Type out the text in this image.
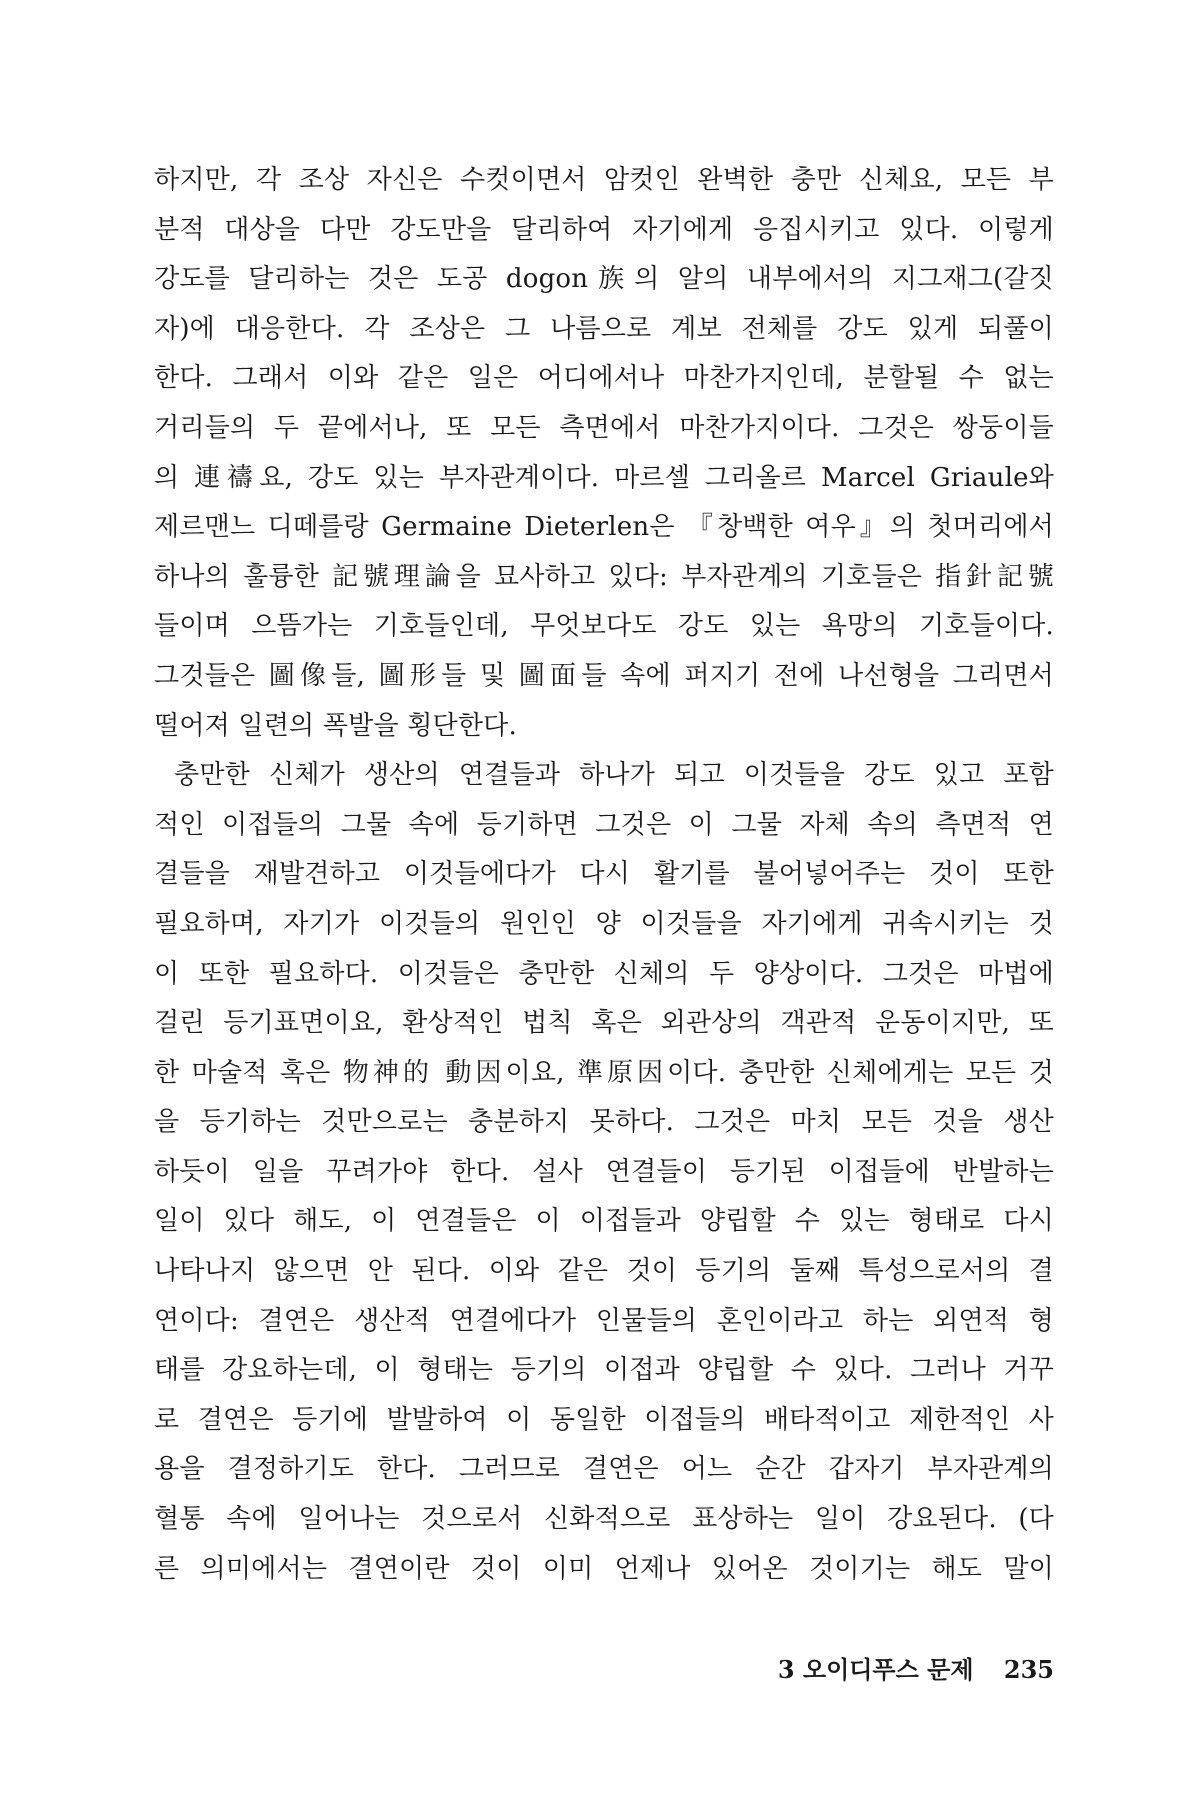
하지만, 각 조상 자신은 수컷이면서 암컷인 완벽한 충만 신체요, 모든 부
분적 대상을 다만 강도만을 달리하여 자기에게 응집시키고 있다. 이렇게
강도를 달리하는 것은 도공 dogon族의 알의 내부에서의 지그재그(갈짓
자)에 대응한다. 각 조상은 그 나름으로 계보 전체를 강도 있게 되풀이
한다. 그래서 이와 같은 일은 어디에서나 마찬가지인데, 분할될 수 없는
거리들의 두 끝에서나, 또 모든 측면에서 마찬가지이다. 그것은 쌍둥이들
의 連禱요, 강도 있는 부자관계이다. 마르셀 그리올르 Marcel Griaule와
제르맨느 디떼를랑 Germaine Dieterlen은 『창백한 여우』의 첫머리에서
하나의 훌륭한 記號理論을 묘사하고 있다: 부자관계의 기호들은 指針記號
들이며 으뜸가는 기호들인데, 무엇보다도 강도 있는 욕망의 기호들이다.
그것들은 圖像들, 圖形들 및 圖面들 속에 퍼지기 전에 나선형을 그리면서
떨어져 일련의 폭발을 횡단한다.
충만한 신체가 생산의 연결들과 하나가 되고 이것들을 강도 있고 포함
적인 이접들의 그물 속에 등기하면 그것은 이 그물 자체 속의 측면적 연
결들을 재발견하고 이것들에다가 다시 활기를 불어넣어주는 것이 또한
필요하며, 자기가 이것들의 원인인 양 이것들을 자기에게 귀속시키는 것
이 또한 필요하다. 이것들은 충만한 신체의 두 양상이다. 그것은 마법에
걸린 등기표면이요, 환상적인 법칙 혹은 외관상의 객관적 운동이지만, 또
한 마술적 혹은 物神的 動因이요, 準原因이다. 충만한 신체에게는 모든 것
을 등기하는 것만으로는 충분하지 못하다. 그것은 마치 모든 것을 생산
하듯이 일을 꾸려가야 한다. 설사 연결들이 등기된 이접들에 반발하는
일이 있다 해도, 이 연결들은 이 이접들과 양립할 수 있는 형태로 다시
나타나지 않으면 안 된다. 이와 같은 것이 등기의 둘째 특성으로서의 결
연이다: 결연은 생산적 연결에다가 인물들의 혼인이라고 하는 외연적 형
태를 강요하는데, 이 형태는 등기의 이접과 양립할 수 있다. 그러나 거꾸
로 결연은 등기에 발발하여 이 동일한 이접들의 배타적이고 제한적인 사
용을 결정하기도 한다. 그러므로 결연은 어느 순간 갑자기 부자관계의
혈통 속에 일어나는 것으로서 신화적으로 표상하는 일이 강요된다. (다
른 의미에서는 결연이란 것이 이미 언제나 있어온 것이기는 해도 말이
3 오이디푸스 문제 235
